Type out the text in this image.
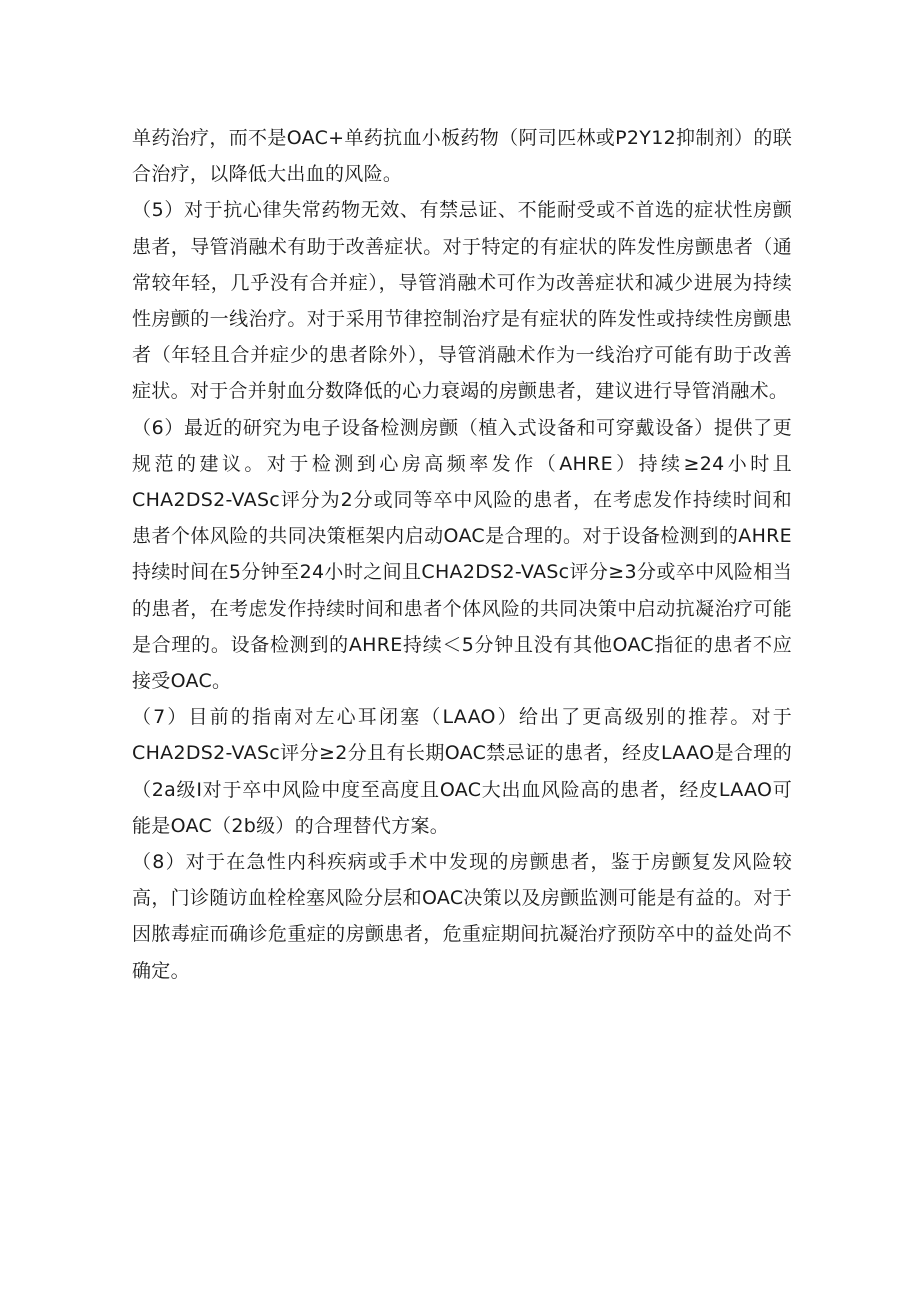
单药治疗，而不是OAC+单药抗血小板药物（阿司匹林或P2Y12抑制剂）的联合治疗，以降低大出血的风险。

（5）对于抗心律失常药物无效、有禁忌证、不能耐受或不首选的症状性房颤患者，导管消融术有助于改善症状。对于特定的有症状的阵发性房颤患者（通常较年轻，几乎没有合并症），导管消融术可作为改善症状和减少进展为持续性房颤的一线治疗。对于采用节律控制治疗是有症状的阵发性或持续性房颤患者（年轻且合并症少的患者除外），导管消融术作为一线治疗可能有助于改善症状。对于合并射血分数降低的心力衰竭的房颤患者，建议进行导管消融术。

（6）最近的研究为电子设备检测房颤（植入式设备和可穿戴设备）提供了更规范的建议。对于检测到心房高频率发作（AHRE）持续≥24小时且CHA2DS2-VASc评分为2分或同等卒中风险的患者，在考虑发作持续时间和患者个体风险的共同决策框架内启动OAC是合理的。对于设备检测到的AHRE持续时间在5分钟至24小时之间且CHA2DS2-VASc评分≥3分或卒中风险相当的患者，在考虑发作持续时间和患者个体风险的共同决策中启动抗凝治疗可能是合理的。设备检测到的AHRE持续＜5分钟且没有其他OAC指征的患者不应接受OAC。

（7）目前的指南对左心耳闭塞（LAAO）给出了更高级别的推荐。对于CHA2DS2-VASc评分≥2分且有长期OAC禁忌证的患者，经皮LAAO是合理的（2a级I对于卒中风险中度至高度且OAC大出血风险高的患者，经皮LAAO可能是OAC（2b级）的合理替代方案。

（8）对于在急性内科疾病或手术中发现的房颤患者，鉴于房颤复发风险较高，门诊随访血栓栓塞风险分层和OAC决策以及房颤监测可能是有益的。对于因脓毒症而确诊危重症的房颤患者，危重症期间抗凝治疗预防卒中的益处尚不确定。
